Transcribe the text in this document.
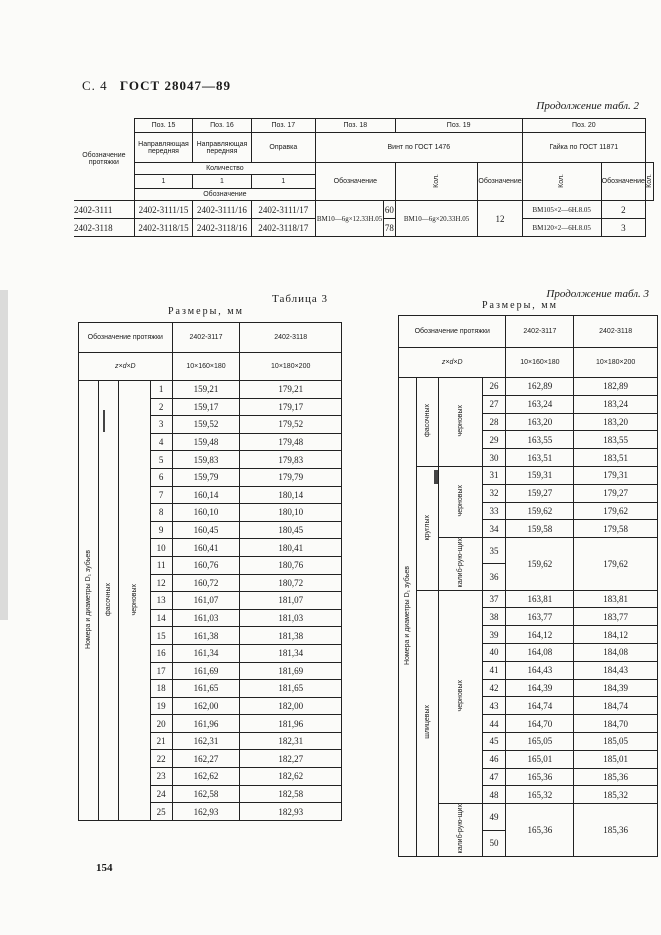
С. 4 ГОСТ 28047—89
Продолжение табл. 2
Обозначение протяжки	Поз. 15	Поз. 16	Поз. 17	Поз. 18		Поз. 19		Поз. 20		
	Направляющая передняя	Направляющая передняя	Оправка	Винт по ГОСТ 1476				Гайка по ГОСТ 11871		
	Количество			Обозначение		Кол.	Обозначение	Кол.	Обозначение	Кол.
	1	1	1							
	Обозначение									
2402-3111	2402-3111/15	2402-3111/16	2402-3111/17	ВМ10—6g×12.33Н.05	60	ВМ10—6g×20.33Н.05	12	ВМ105×2—6Н.8.05	2	
2402-3118	2402-3118/15	2402-3118/16	2402-3118/17		78			ВМ120×2—6Н.8.05	3	
Таблица 3
Размеры, мм
Обозначение протяжки				2402-3117	2402-3118
z×d×D				10×160×180	10×180×200
Номера и диаметры D₁ зубьев	фасочных	черновых	1	159,21	179,21
			2	159,17	179,17
			3	159,52	179,52
			4	159,48	179,48
			5	159,83	179,83
			6	159,79	179,79
			7	160,14	180,14
			8	160,10	180,10
			9	160,45	180,45
			10	160,41	180,41
			11	160,76	180,76
			12	160,72	180,72
			13	161,07	181,07
			14	161,03	181,03
			15	161,38	181,38
			16	161,34	181,34
			17	161,69	181,69
			18	161,65	181,65
			19	162,00	182,00
			20	161,96	181,96
			21	162,31	182,31
			22	162,27	182,27
			23	162,62	182,62
			24	162,58	182,58
			25	162,93	182,93
Продолжение табл. 3
Размеры, мм
Обозначение протяжки				2402-3117	2402-3118
z×d×D				10×160×180	10×180×200
Номера и диаметры D₁ зубьев	фасочных	черновых	26	162,89	182,89
			27	163,24	183,24
			28	163,20	183,20
			29	163,55	183,55
			30	163,51	183,51
	круглых	черновых	31	159,31	179,31
			32	159,27	179,27
			33	159,62	179,62
			34	159,58	179,58
		калиб-рую-щих	35	159,62	179,62
			36		
	шлицевых	черновых	37	163,81	183,81
			38	163,77	183,77
			39	164,12	184,12
			40	164,08	184,08
			41	164,43	184,43
			42	164,39	184,39
			43	164,74	184,74
			44	164,70	184,70
			45	165,05	185,05
			46	165,01	185,01
			47	165,36	185,36
			48	165,32	185,32
		калиб-рую-щих	49	165,36	185,36
			50		
154
